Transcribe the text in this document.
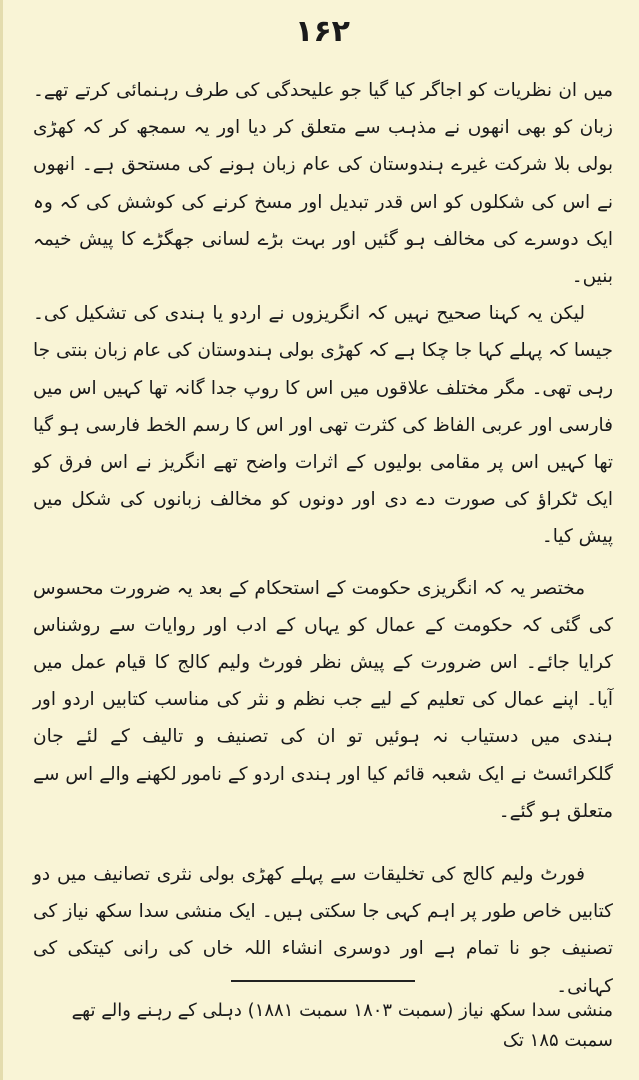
۱۶۲

میں ان نظریات کو اجاگر کیا گیا جو علیحدگی کی طرف رہنمائی کرتے تھے۔ زبان کو بھی انھوں نے مذہب سے متعلق کر دیا اور یہ سمجھ کر کہ کھڑی بولی بلا شرکت غیرے ہندوستان کی عام زبان ہونے کی مستحق ہے۔ انھوں نے اس کی شکلوں کو اس قدر تبدیل اور مسخ کرنے کی کوشش کی کہ وہ ایک دوسرے کی مخالف ہو گئیں اور بہت بڑے لسانی جھگڑے کا پیش خیمہ بنیں۔

لیکن یہ کہنا صحیح نہیں کہ انگریزوں نے اردو یا ہندی کی تشکیل کی۔ جیسا کہ پہلے کہا جا چکا ہے کہ کھڑی بولی ہندوستان کی عام زبان بنتی جا رہی تھی۔ مگر مختلف علاقوں میں اس کا روپ جدا گانہ تھا کہیں اس میں فارسی اور عربی الفاظ کی کثرت تھی اور اس کا رسم الخط فارسی ہو گیا تھا کہیں اس پر مقامی بولیوں کے اثرات واضح تھے انگریز نے اس فرق کو ایک ٹکراؤ کی صورت دے دی اور دونوں کو مخالف زبانوں کی شکل میں پیش کیا۔

مختصر یہ کہ انگریزی حکومت کے استحکام کے بعد یہ ضرورت محسوس کی گئی کہ حکومت کے عمال کو یہاں کے ادب اور روایات سے روشناس کرایا جائے۔ اس ضرورت کے پیش نظر فورٹ ولیم کالج کا قیام عمل میں آیا۔ اپنے عمال کی تعلیم کے لیے جب نظم و نثر کی مناسب کتابیں اردو اور ہندی میں دستیاب نہ ہوئیں تو ان کی تصنیف و تالیف کے لئے جان گلکرائسٹ نے ایک شعبہ قائم کیا اور ہندی اردو کے نامور لکھنے والے اس سے متعلق ہو گئے۔

فورٹ ولیم کالج کی تخلیقات سے پہلے کھڑی بولی نثری تصانیف میں دو کتابیں خاص طور پر اہم کہی جا سکتی ہیں۔ ایک منشی سدا سکھ نیاز کی تصنیف جو نا تمام ہے اور دوسری انشاء اللہ خاں کی رانی کیتکی کی کہانی۔

منشی سدا سکھ نیاز (سمبت ۱۸۰۳ سمبت ۱۸۸۱) دہلی کے رہنے والے تھے سمبت ۱۸۵ تک
